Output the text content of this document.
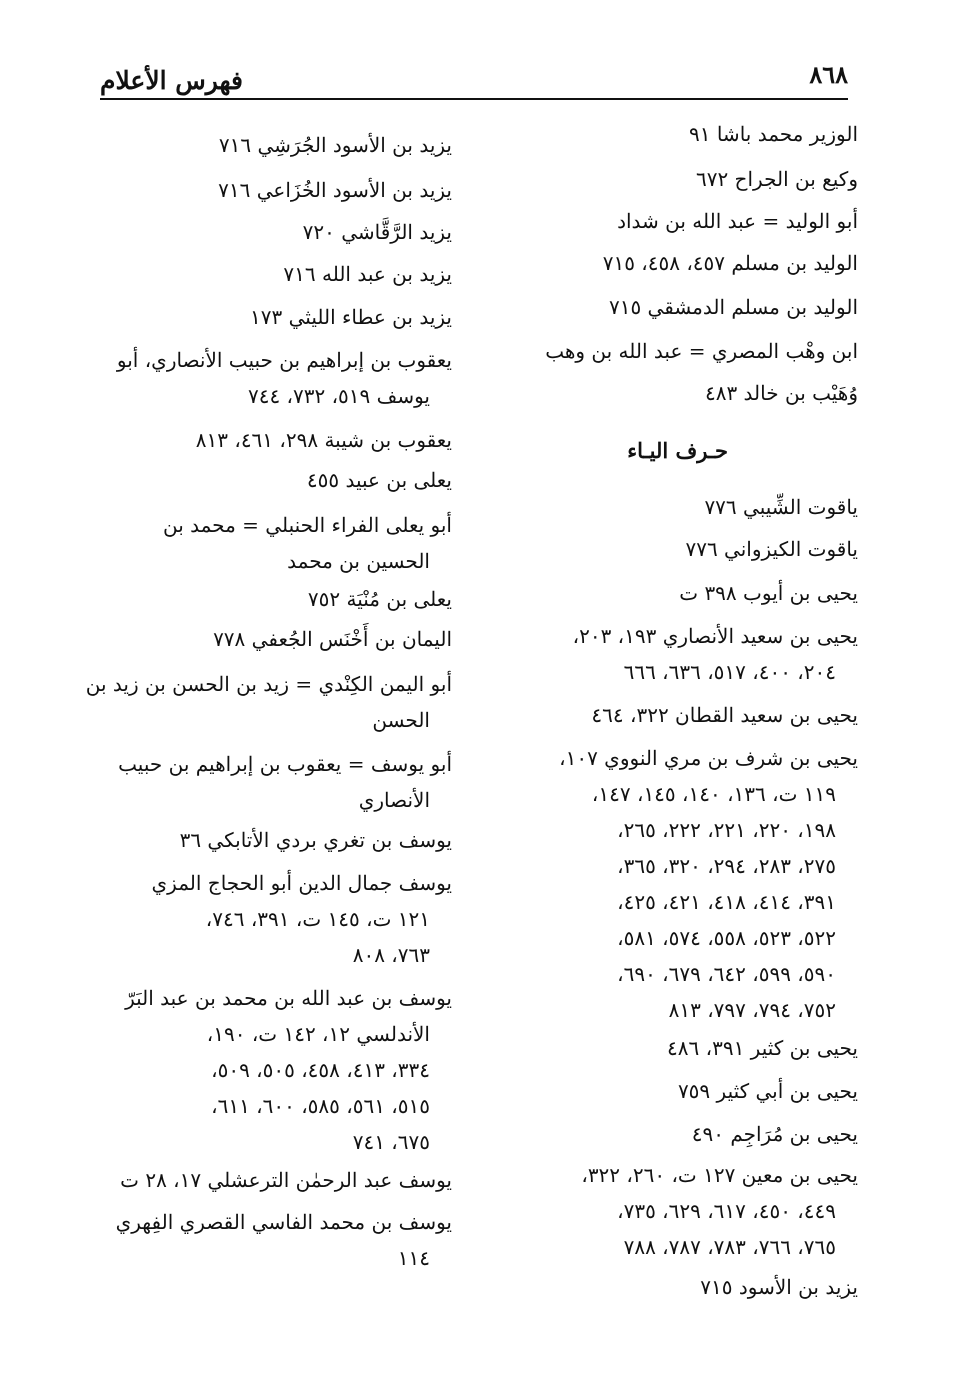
فهرس الأعلام	٨٦٨
الوزير محمد باشا ٩١
وكيع بن الجراح ٦٧٢
أبو الوليد = عبد الله بن شداد
الوليد بن مسلم ٤٥٧، ٤٥٨، ٧١٥
الوليد بن مسلم الدمشقي ٧١٥
ابن وهْب المصري = عبد الله بن وهب
وُهَيْب بن خالد ٤٨٣
حـرف اليـاء
ياقوت الشِّيبي ٧٧٦
ياقوت الكيزواني ٧٧٦
يحيى بن أيوب ٣٩٨ ت
يحيى بن سعيد الأنصاري ١٩٣، ٢٠٣،
٢٠٤، ٤٠٠، ٥١٧، ٦٣٦، ٦٦٦
يحيى بن سعيد القطان ٣٢٢، ٤٦٤
يحيى بن شرف بن مري النووي ١٠٧،
١١٩ ت، ١٣٦، ١٤٠، ١٤٥، ١٤٧،
١٩٨، ٢٢٠، ٢٢١، ٢٢٢، ٢٦٥،
٢٧٥، ٢٨٣، ٢٩٤، ٣٢٠، ٣٦٥،
٣٩١، ٤١٤، ٤١٨، ٤٢١، ٤٢٥،
٥٢٢، ٥٢٣، ٥٥٨، ٥٧٤، ٥٨١،
٥٩٠، ٥٩٩، ٦٤٢، ٦٧٩، ٦٩٠،
٧٥٢، ٧٩٤، ٧٩٧، ٨١٣
يحيى بن كثير ٣٩١، ٤٨٦
يحيى بن أبي كثير ٧٥٩
يحيى بن مُرَاجِم ٤٩٠
يحيى بن معين ١٢٧ ت، ٢٦٠، ٣٢٢،
٤٤٩، ٤٥٠، ٦١٧، ٦٢٩، ٧٣٥،
٧٦٥، ٧٦٦، ٧٨٣، ٧٨٧، ٧٨٨
يزيد بن الأسود ٧١٥
يزيد بن الأسود الجُرَشِي ٧١٦
يزيد بن الأسود الخُزَاعي ٧١٦
يزيد الرَّقَّاشي ٧٢٠
يزيد بن عبد الله ٧١٦
يزيد بن عطاء الليثي ١٧٣
يعقوب بن إبراهيم بن حبيب الأنصاري، أبو
يوسف ٥١٩، ٧٣٢، ٧٤٤
يعقوب بن شيبة ٢٩٨، ٤٦١، ٨١٣
يعلى بن عبيد ٤٥٥
أبو يعلى الفراء الحنبلي = محمد بن
الحسين بن محمد
يعلى بن مُنْيَة ٧٥٢
اليمان بن أَخْنَس الجُعفي ٧٧٨
أبو اليمن الكِنْدي = زيد بن الحسن بن زيد بن
الحسن
أبو يوسف = يعقوب بن إبراهيم بن حبيب
الأنصاري
يوسف بن تغري بردي الأتابكي ٣٦
يوسف جمال الدين أبو الحجاج المزي
١٢١ ت، ١٤٥ ت، ٣٩١، ٧٤٦،
٧٦٣، ٨٠٨
يوسف بن عبد الله بن محمد بن عبد البَرّ
الأندلسي ١٢، ١٤٢ ت، ١٩٠،
٣٣٤، ٤١٣، ٤٥٨، ٥٠٥، ٥٠٩،
٥١٥، ٥٦١، ٥٨٥، ٦٠٠، ٦١١،
٦٧٥، ٧٤١
يوسف عبد الرحمٰن الترعشلي ١٧، ٢٨ ت
يوسف بن محمد الفاسي القصري الفِهري
١١٤
